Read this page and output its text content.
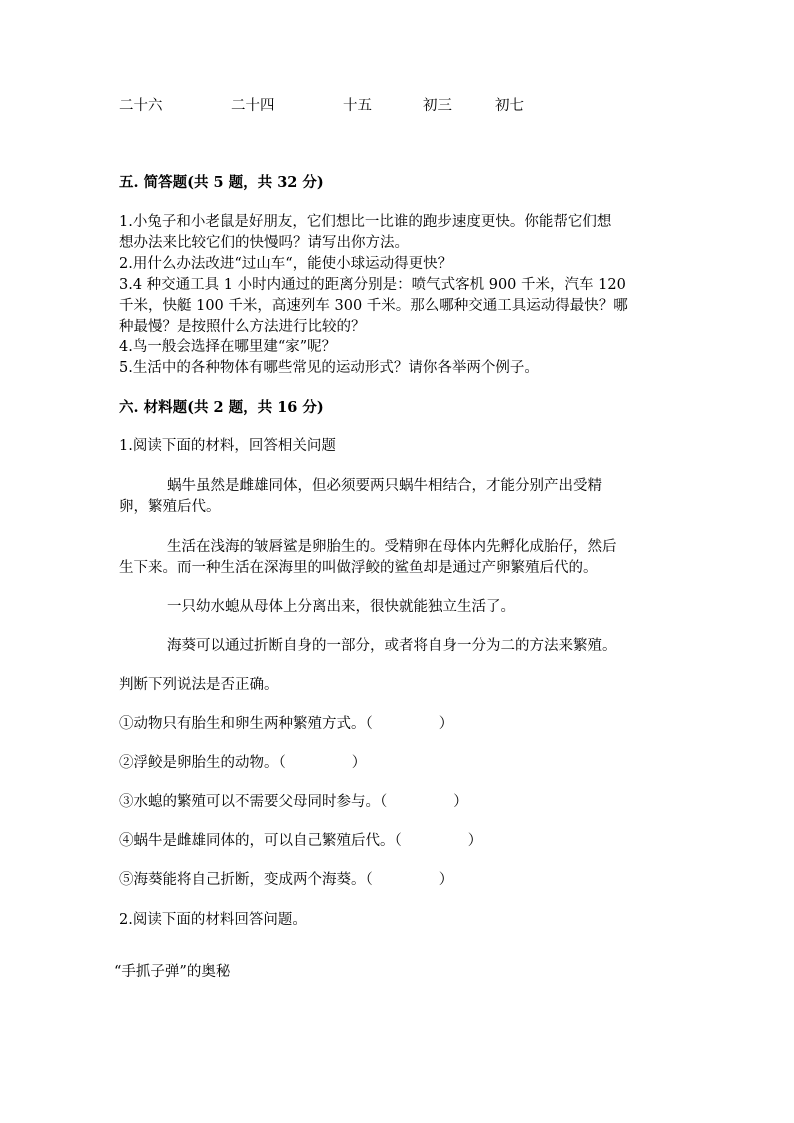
二十六	二十四	十五	初三	初七
五. 简答题(共 5 题，共 32 分)
1.小兔子和小老鼠是好朋友，它们想比一比谁的跑步速度更快。你能帮它们想
想办法来比较它们的快慢吗？请写出你方法。
2.用什么办法改进“过山车“，能使小球运动得更快？
3.4 种交通工具 1 小时内通过的距离分别是：喷气式客机 900 千米，汽车 120
千米，快艇 100 千米，高速列车 300 千米。那么哪种交通工具运动得最快？哪
种最慢？是按照什么方法进行比较的？
4.鸟一般会选择在哪里建“家”呢？
5.生活中的各种物体有哪些常见的运动形式？请你各举两个例子。
六. 材料题(共 2 题，共 16 分)
1.阅读下面的材料，回答相关问题
蜗牛虽然是雌雄同体，但必须要两只蜗牛相结合，才能分别产出受精
卵，繁殖后代。
生活在浅海的皱唇鲨是卵胎生的。受精卵在母体内先孵化成胎仔，然后
生下来。而一种生活在深海里的叫做浮鲛的鲨鱼却是通过产卵繁殖后代的。
一只幼水螅从母体上分离出来，很快就能独立生活了。
海葵可以通过折断自身的一部分，或者将自身一分为二的方法来繁殖。
判断下列说法是否正确。
①动物只有胎生和卵生两种繁殖方式。（	）
②浮鲛是卵胎生的动物。（	）
③水螅的繁殖可以不需要父母同时参与。（	）
④蜗牛是雌雄同体的，可以自己繁殖后代。（	）
⑤海葵能将自己折断，变成两个海葵。（	）
2.阅读下面的材料回答问题。
“手抓子弹”的奥秘
